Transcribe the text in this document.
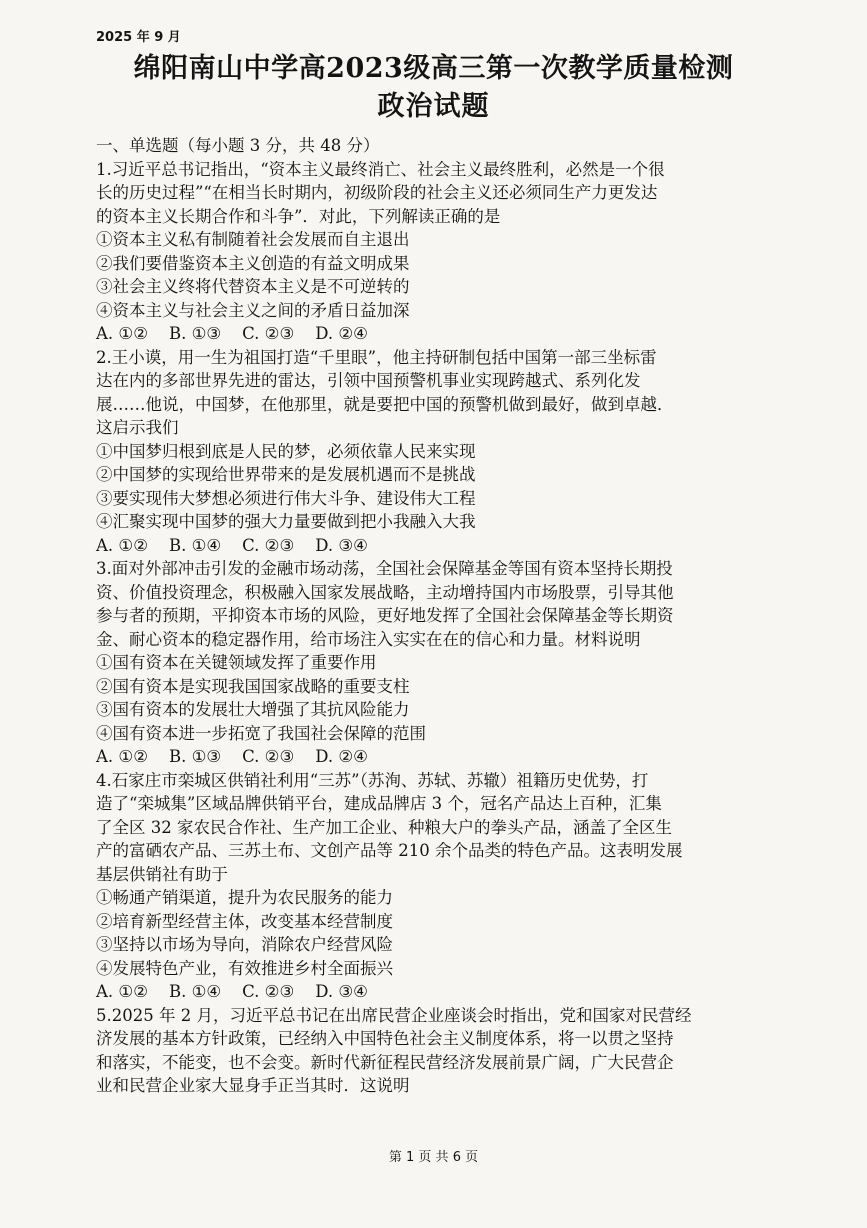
2025 年 9 月
绵阳南山中学高2023级高三第一次教学质量检测
政治试题
一、单选题（每小题 3 分，共 48 分）
1.习近平总书记指出，“资本主义最终消亡、社会主义最终胜利，必然是一个很
长的历史过程”“在相当长时期内，初级阶段的社会主义还必须同生产力更发达
的资本主义长期合作和斗争”．对此，下列解读正确的是
①资本主义私有制随着社会发展而自主退出
②我们要借鉴资本主义创造的有益文明成果
③社会主义终将代替资本主义是不可逆转的
④资本主义与社会主义之间的矛盾日益加深
A. ①②    B. ①③    C. ②③    D. ②④
2.王小谟，用一生为祖国打造“千里眼”，他主持研制包括中国第一部三坐标雷
达在内的多部世界先进的雷达，引领中国预警机事业实现跨越式、系列化发
展……他说，中国梦，在他那里，就是要把中国的预警机做到最好，做到卓越．
这启示我们
①中国梦归根到底是人民的梦，必须依靠人民来实现
②中国梦的实现给世界带来的是发展机遇而不是挑战
③要实现伟大梦想必须进行伟大斗争、建设伟大工程
④汇聚实现中国梦的强大力量要做到把小我融入大我
A. ①②    B. ①④    C. ②③    D. ③④
3.面对外部冲击引发的金融市场动荡，全国社会保障基金等国有资本坚持长期投
资、价值投资理念，积极融入国家发展战略，主动增持国内市场股票，引导其他
参与者的预期，平抑资本市场的风险，更好地发挥了全国社会保障基金等长期资
金、耐心资本的稳定器作用，给市场注入实实在在的信心和力量。材料说明
①国有资本在关键领域发挥了重要作用
②国有资本是实现我国国家战略的重要支柱
③国有资本的发展壮大增强了其抗风险能力
④国有资本进一步拓宽了我国社会保障的范围
A. ①②    B. ①③    C. ②③    D. ②④
4.石家庄市栾城区供销社利用“三苏”（苏洵、苏轼、苏辙）祖籍历史优势，打
造了“栾城集”区域品牌供销平台，建成品牌店 3 个，冠名产品达上百种，汇集
了全区 32 家农民合作社、生产加工企业、种粮大户的拳头产品，涵盖了全区生
产的富硒农产品、三苏土布、文创产品等 210 余个品类的特色产品。这表明发展
基层供销社有助于
①畅通产销渠道，提升为农民服务的能力
②培育新型经营主体，改变基本经营制度
③坚持以市场为导向，消除农户经营风险
④发展特色产业，有效推进乡村全面振兴
A. ①②    B. ①④    C. ②③    D. ③④
5.2025 年 2 月，习近平总书记在出席民营企业座谈会时指出，党和国家对民营经
济发展的基本方针政策，已经纳入中国特色社会主义制度体系，将一以贯之坚持
和落实，不能变，也不会变。新时代新征程民营经济发展前景广阔，广大民营企
业和民营企业家大显身手正当其时．这说明
第 1 页 共 6 页
